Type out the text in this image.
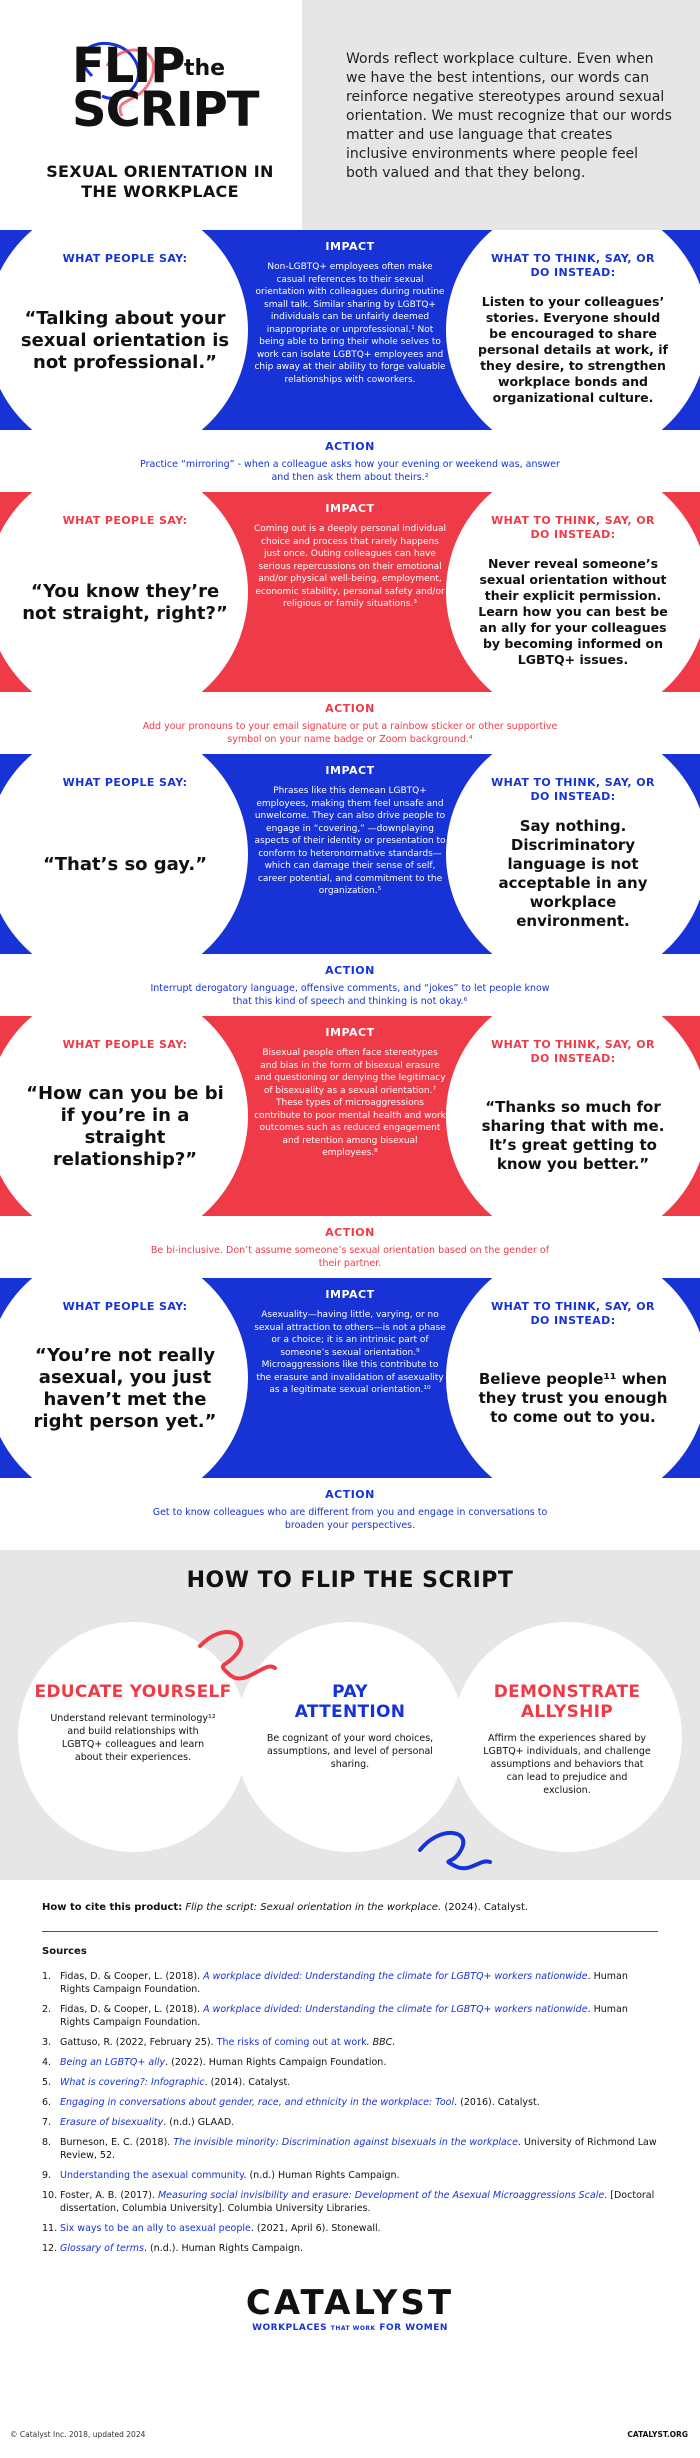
FLIP the
SCRIPT
SEXUAL ORIENTATION IN THE WORKPLACE

Words reflect workplace culture. Even when we have the best intentions, our words can reinforce negative stereotypes around sexual orientation. We must recognize that our words matter and use language that creates inclusive environments where people feel both valued and that they belong.

WHAT PEOPLE SAY:
“Talking about your sexual orientation is not professional.”
IMPACT
Non-LGBTQ+ employees often make casual references to their sexual orientation with colleagues during routine small talk. Similar sharing by LGBTQ+ individuals can be unfairly deemed inappropriate or unprofessional.¹ Not being able to bring their whole selves to work can isolate LGBTQ+ employees and chip away at their ability to forge valuable relationships with coworkers.
WHAT TO THINK, SAY, OR DO INSTEAD:
Listen to your colleagues’ stories. Everyone should be encouraged to share personal details at work, if they desire, to strengthen workplace bonds and organizational culture.
ACTION
Practice “mirroring” - when a colleague asks how your evening or weekend was, answer and then ask them about theirs.²
WHAT PEOPLE SAY:
“You know they’re not straight, right?”
IMPACT
Coming out is a deeply personal individual choice and process that rarely happens just once. Outing colleagues can have serious repercussions on their emotional and/or physical well-being, employment, economic stability, personal safety and/or religious or family situations.³
WHAT TO THINK, SAY, OR DO INSTEAD:
Never reveal someone’s sexual orientation without their explicit permission. Learn how you can best be an ally for your colleagues by becoming informed on LGBTQ+ issues.
ACTION
Add your pronouns to your email signature or put a rainbow sticker or other supportive symbol on your name badge or Zoom background.⁴
WHAT PEOPLE SAY:
“That’s so gay.”
IMPACT
Phrases like this demean LGBTQ+ employees, making them feel unsafe and unwelcome. They can also drive people to engage in “covering,” —downplaying aspects of their identity or presentation to conform to heteronormative standards—which can damage their sense of self, career potential, and commitment to the organization.⁵
WHAT TO THINK, SAY, OR DO INSTEAD:
Say nothing. Discriminatory language is not acceptable in any workplace environment.
ACTION
Interrupt derogatory language, offensive comments, and “jokes” to let people know that this kind of speech and thinking is not okay.⁶
WHAT PEOPLE SAY:
“How can you be bi if you’re in a straight relationship?”
IMPACT
Bisexual people often face stereotypes and bias in the form of bisexual erasure and questioning or denying the legitimacy of bisexuality as a sexual orientation.⁷ These types of microaggressions contribute to poor mental health and work outcomes such as reduced engagement and retention among bisexual employees.⁸
WHAT TO THINK, SAY, OR DO INSTEAD:
“Thanks so much for sharing that with me. It’s great getting to know you better.”
ACTION
Be bi-inclusive. Don’t assume someone’s sexual orientation based on the gender of their partner.
WHAT PEOPLE SAY:
“You’re not really asexual, you just haven’t met the right person yet.”
IMPACT
Asexuality—having little, varying, or no sexual attraction to others—is not a phase or a choice; it is an intrinsic part of someone’s sexual orientation.⁹ Microaggressions like this contribute to the erasure and invalidation of asexuality as a legitimate sexual orientation.¹⁰
WHAT TO THINK, SAY, OR DO INSTEAD:
Believe people¹¹ when they trust you enough to come out to you.
ACTION
Get to know colleagues who are different from you and engage in conversations to broaden your perspectives.
HOW TO FLIP THE SCRIPT
EDUCATE YOURSELF
Understand relevant terminology¹² and build relationships with LGBTQ+ colleagues and learn about their experiences.
PAY ATTENTION
Be cognizant of your word choices, assumptions, and level of personal sharing.
DEMONSTRATE ALLYSHIP
Affirm the experiences shared by LGBTQ+ individuals, and challenge assumptions and behaviors that can lead to prejudice and exclusion.
How to cite this product: Flip the script: Sexual orientation in the workplace. (2024). Catalyst.
Sources
1. Fidas, D. & Cooper, L. (2018). A workplace divided: Understanding the climate for LGBTQ+ workers nationwide. Human Rights Campaign Foundation.
2. Fidas, D. & Cooper, L. (2018). A workplace divided: Understanding the climate for LGBTQ+ workers nationwide. Human Rights Campaign Foundation.
3. Gattuso, R. (2022, February 25). The risks of coming out at work. BBC.
4. Being an LGBTQ+ ally. (2022). Human Rights Campaign Foundation.
5. What is covering?: Infographic. (2014). Catalyst.
6. Engaging in conversations about gender, race, and ethnicity in the workplace: Tool. (2016). Catalyst.
7. Erasure of bisexuality. (n.d.) GLAAD.
8. Burneson, E. C. (2018). The invisible minority: Discrimination against bisexuals in the workplace. University of Richmond Law Review, 52.
9. Understanding the asexual community. (n.d.) Human Rights Campaign.
10. Foster, A. B. (2017). Measuring social invisibility and erasure: Development of the Asexual Microaggressions Scale. [Doctoral dissertation, Columbia University]. Columbia University Libraries.
11. Six ways to be an ally to asexual people. (2021, April 6). Stonewall.
12. Glossary of terms. (n.d.). Human Rights Campaign.
CATALYST
WORKPLACES THAT WORK FOR WOMEN
© Catalyst Inc. 2018, updated 2024	CATALYST.ORG
